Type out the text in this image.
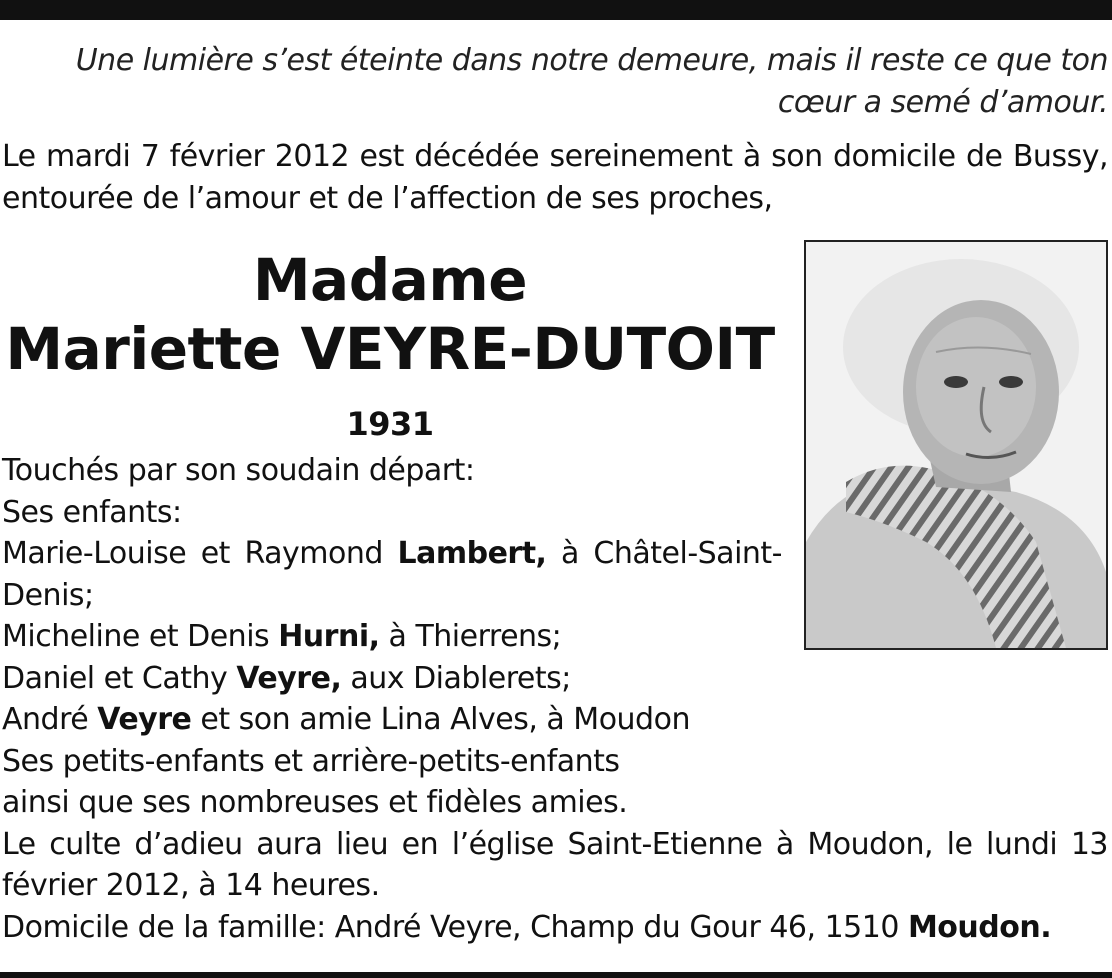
Une lumière s’est éteinte dans notre demeure, mais il reste ce que ton cœur a semé d’amour.
Le mardi 7 février 2012 est décédée sereinement à son domicile de Bussy, entourée de l’amour et de l’affection de ses proches,
Madame
Mariette VEYRE-DUTOIT
1931
Touchés par son soudain départ:
Ses enfants:
Marie-Louise et Raymond Lambert, à Châtel-Saint-Denis;
Micheline et Denis Hurni, à Thierrens;
Daniel et Cathy Veyre, aux Diablerets;
André Veyre et son amie Lina Alves, à Moudon
Ses petits-enfants et arrière-petits-enfants
ainsi que ses nombreuses et fidèles amies.
Le culte d’adieu aura lieu en l’église Saint-Etienne à Moudon, le lundi 13 février 2012, à 14 heures.
Domicile de la famille: André Veyre, Champ du Gour 46, 1510 Moudon.
